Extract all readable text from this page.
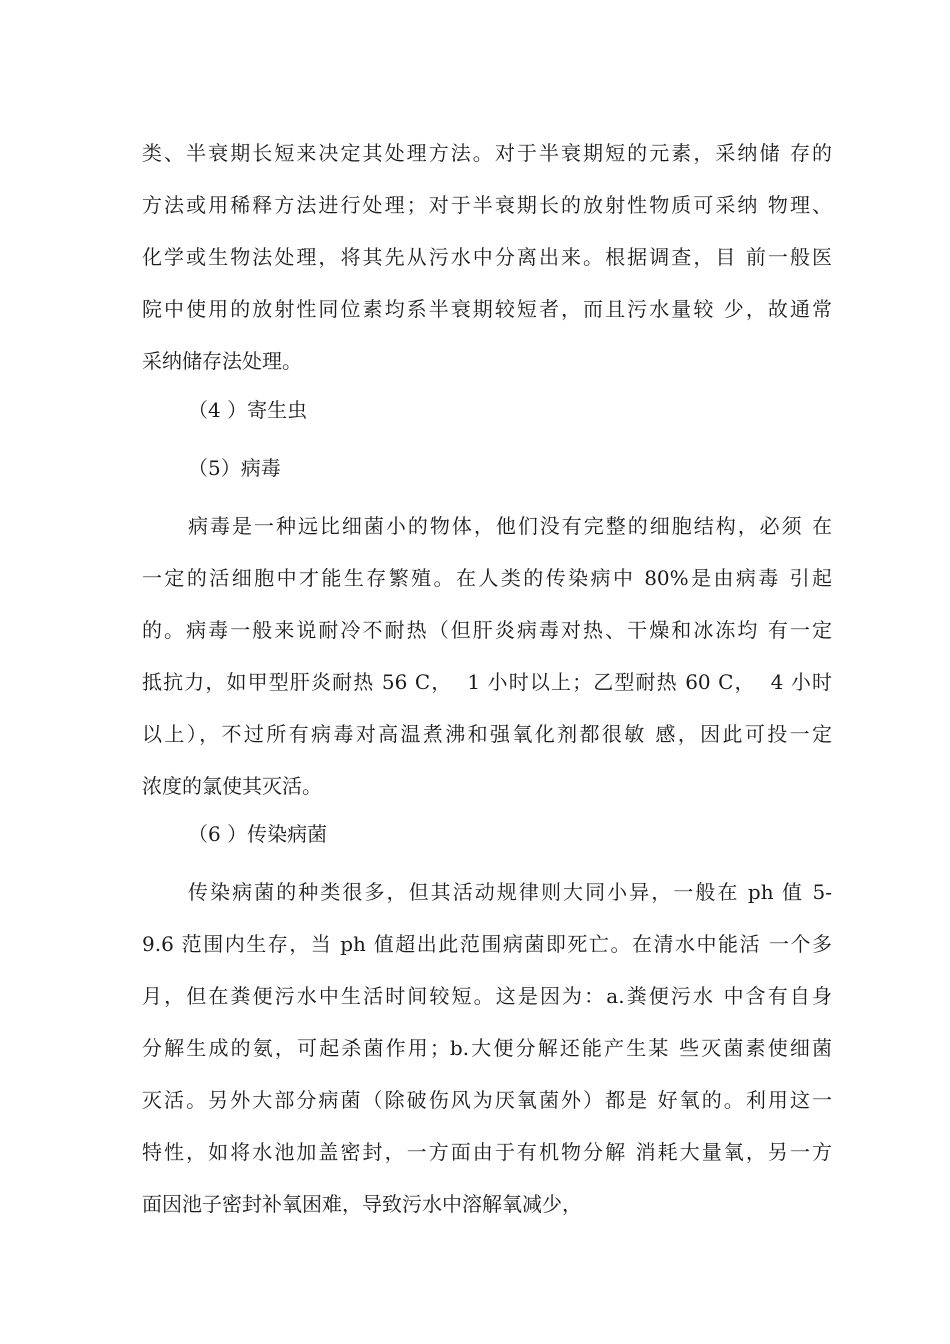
类、半衰期长短来决定其处理方法。对于半衰期短的元素，采纳储 存的
方法或用稀释方法进行处理；对于半衰期长的放射性物质可采纳 物理、
化学或生物法处理，将其先从污水中分离出来。根据调查，目 前一般医
院中使用的放射性同位素均系半衰期较短者，而且污水量较 少，故通常
采纳储存法处理。
（4 ）寄生虫
（5）病毒
病毒是一种远比细菌小的物体，他们没有完整的细胞结构，必须 在
一定的活细胞中才能生存繁殖。在人类的传染病中 80%是由病毒 引起
的。病毒一般来说耐冷不耐热（但肝炎病毒对热、干燥和冰冻均 有一定
抵抗力，如甲型肝炎耐热 56 C，  1 小时以上；乙型耐热 60 C，  4 小时
以上），不过所有病毒对高温煮沸和强氧化剂都很敏 感，因此可投一定
浓度的氯使其灭活。
（6 ）传染病菌
传染病菌的种类很多，但其活动规律则大同小异，一般在 ph 值 5-
9.6 范围内生存，当 ph 值超出此范围病菌即死亡。在清水中能活 一个多
月，但在粪便污水中生活时间较短。这是因为：a.粪便污水 中含有自身
分解生成的氨，可起杀菌作用；b.大便分解还能产生某 些灭菌素使细菌
灭活。另外大部分病菌（除破伤风为厌氧菌外）都是 好氧的。利用这一
特性，如将水池加盖密封，一方面由于有机物分解 消耗大量氧，另一方
面因池子密封补氧困难，导致污水中溶解氧减少，
